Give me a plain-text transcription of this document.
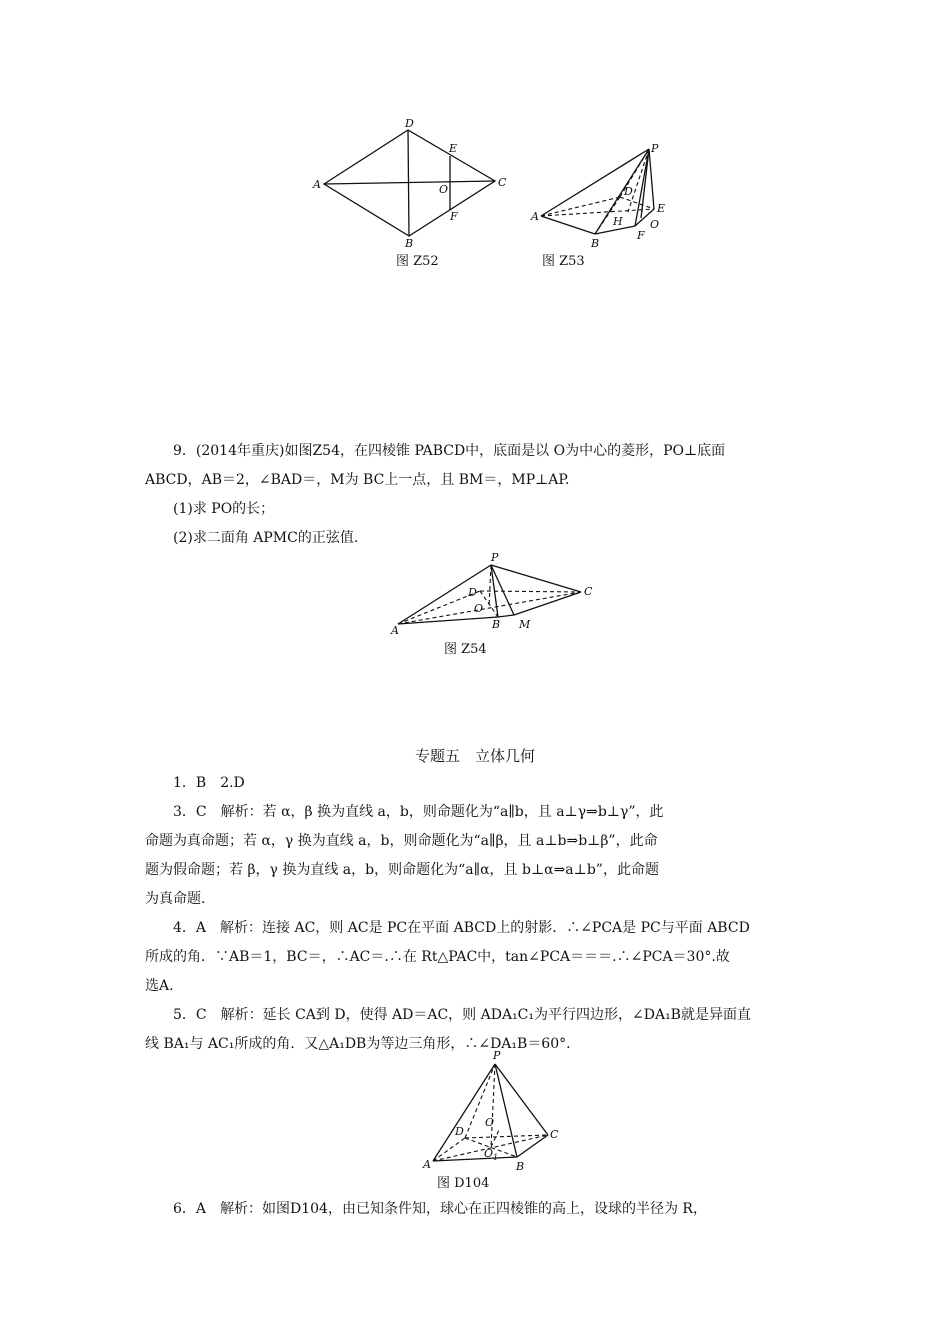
A
D
C
B
E
F
O
图 Z52
P
A
B
D
E
F
H O
图 Z53

9．(2014年重庆)如图Z54，在四棱锥 PABCD中，底面是以 O为中心的菱形，PO⊥底面

ABCD，AB＝2，∠BAD＝，M为 BC上一点，且 BM＝，MP⊥AP.

(1)求 PO的长；

(2)求二面角 APMC的正弦值.

P
D
O
C
A	B M
图 Z54
专题五　立体几何

1．B　2.D

3．C　解析：若 α，β 换为直线 a，b，则命题化为“a∥b，且 a⊥γ⇒b⊥γ”，此

命题为真命题；若 α，γ 换为直线 a，b，则命题化为“a∥β，且 a⊥b⇒b⊥β”，此命

题为假命题；若 β，γ 换为直线 a，b，则命题化为“a∥α，且 b⊥α⇒a⊥b”，此命题

为真命题.

4．A　解析：连接 AC，则 AC是 PC在平面 ABCD上的射影．∴∠PCA是 PC与平面 ABCD

所成的角．∵AB＝1，BC＝，∴AC＝.∴在 Rt△PAC中，tan∠PCA＝＝＝.∴∠PCA＝30°.故

选A.

5．C　解析：延长 CA到 D，使得 AD＝AC，则 ADA₁C₁为平行四边形，∠DA₁B就是异面直

线 BA₁与 AC₁所成的角．又△A₁DB为等边三角形，∴∠DA₁B＝60°.

P
O
D	C
A
$O_1$
B
图 D104

6．A　解析：如图D104，由已知条件知，球心在正四棱锥的高上，设球的半径为 R，
